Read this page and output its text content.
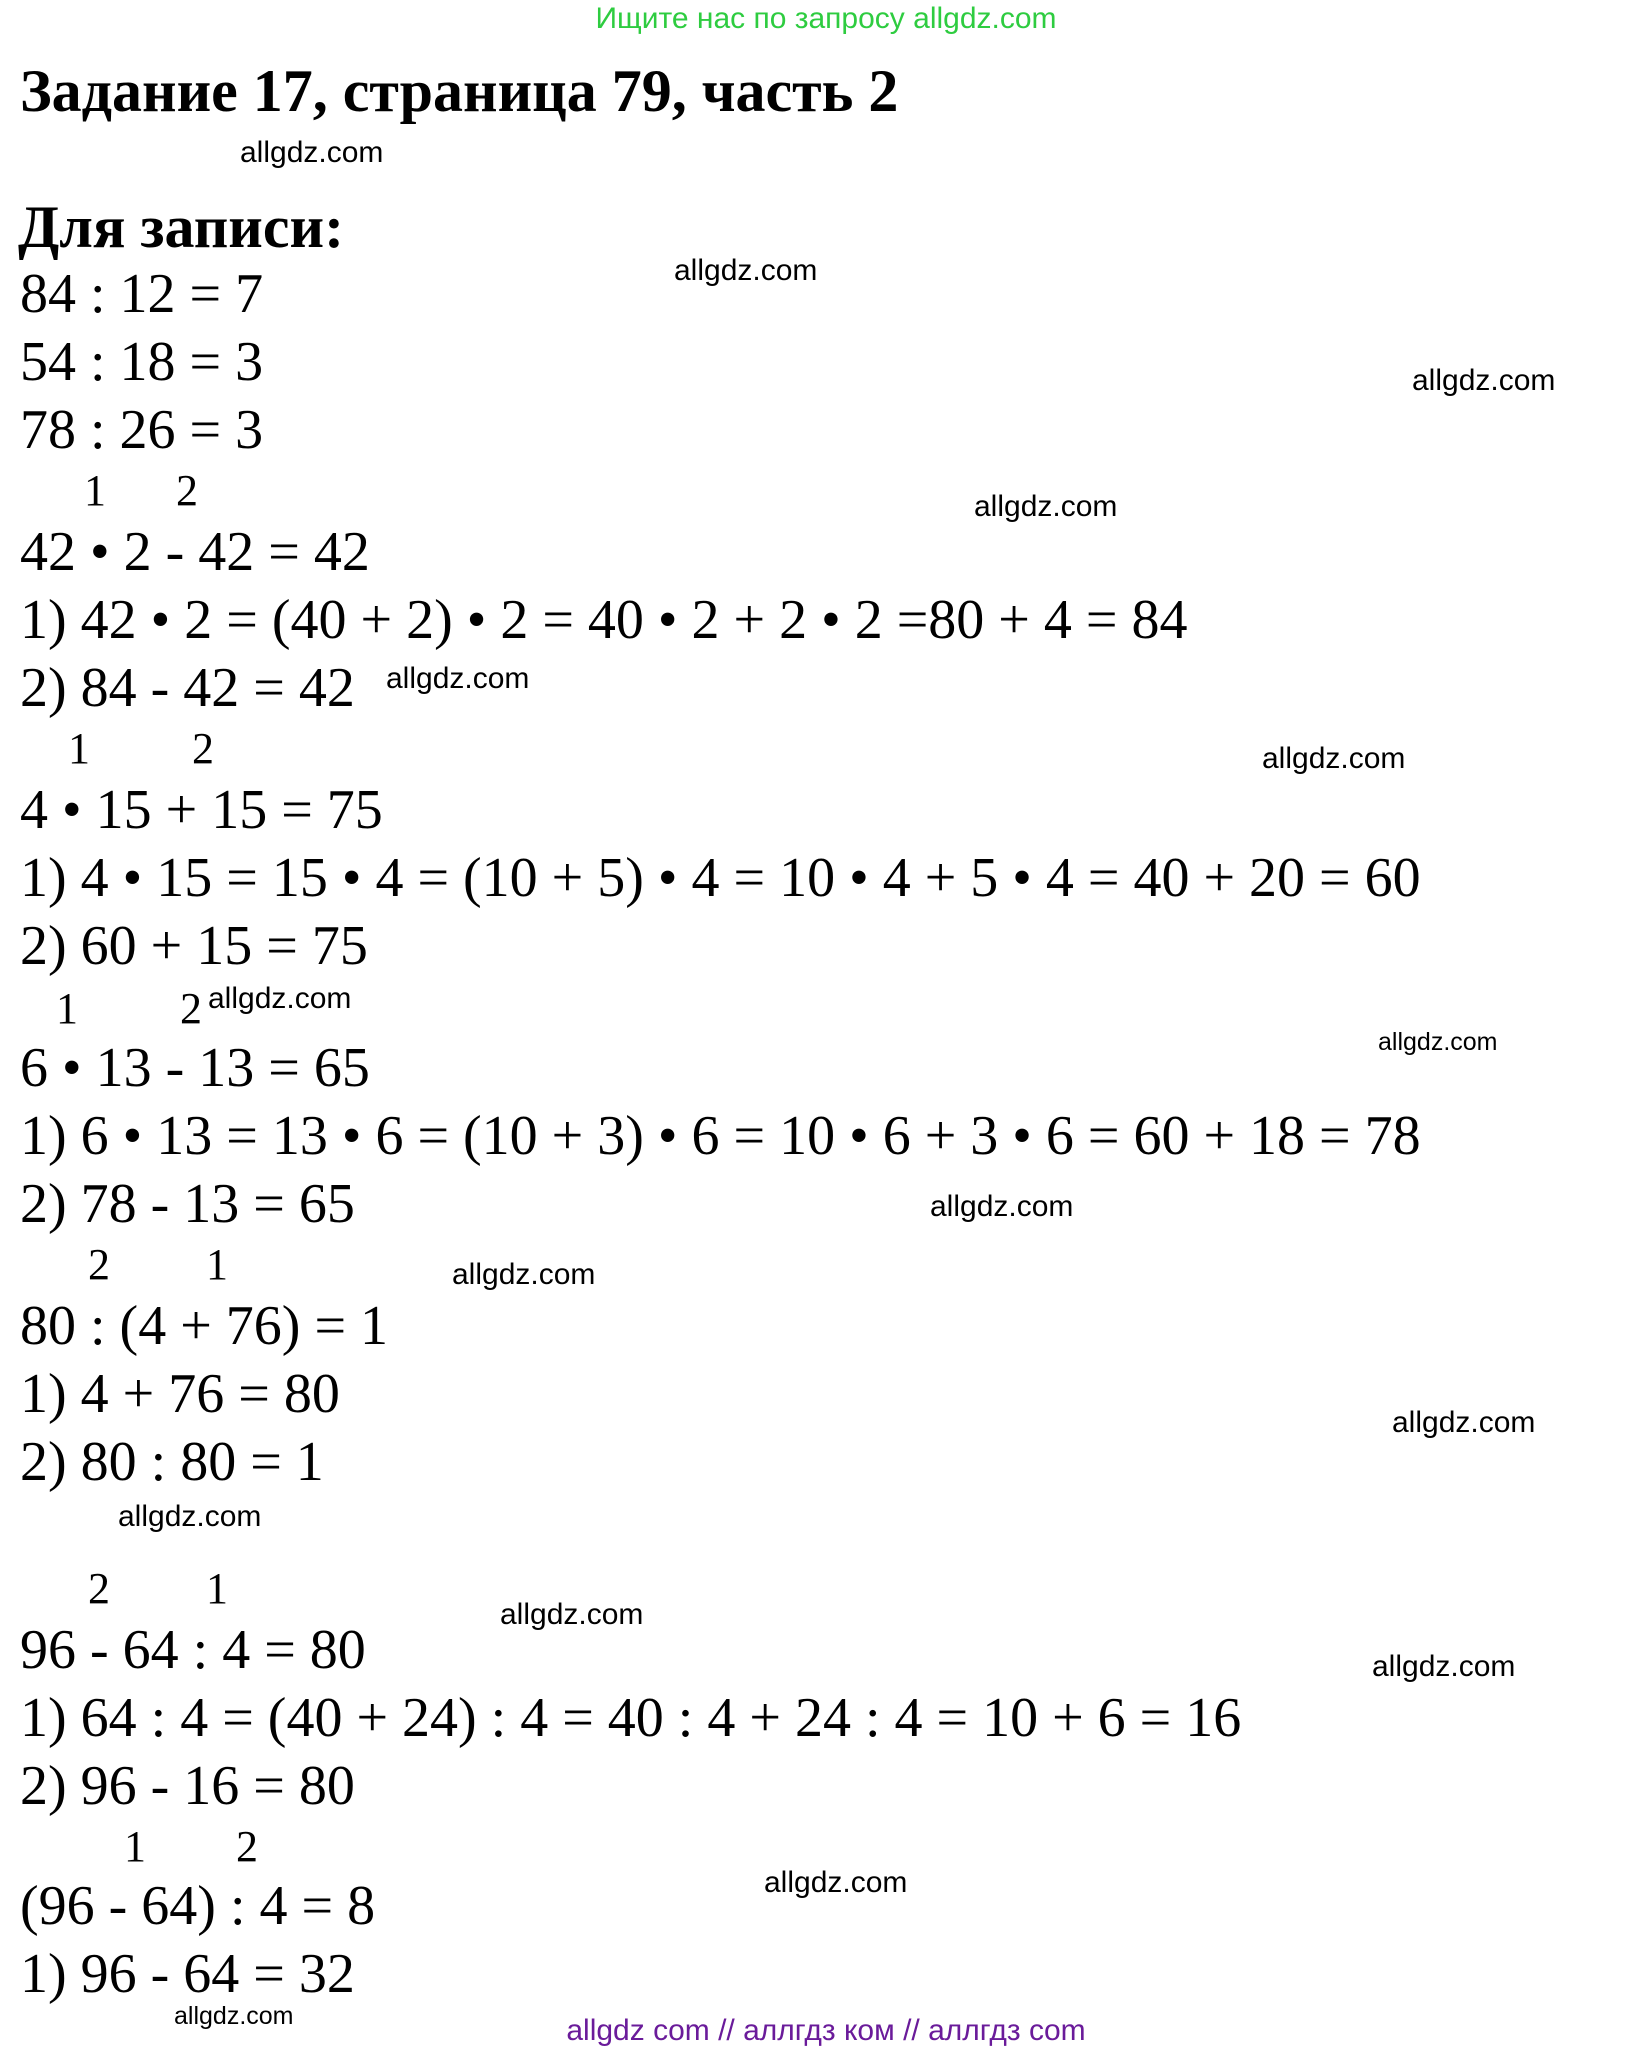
Ищите нас по запросу allgdz.com
Задание 17, страница 79, часть 2
allgdz.com
Для записи:
allgdz.com
allgdz.com
84 : 12 = 7
54 : 18 = 3
78 : 26 = 3
1 2	allgdz.com
42 • 2 - 42 = 42
1) 42 • 2 = (40 + 2) • 2 = 40 • 2 + 2 • 2 =80 + 4 = 84
2) 84 - 42 = 42 allgdz.com
1 2	allgdz.com
4 • 15 + 15 = 75
1) 4 • 15 = 15 • 4 = (10 + 5) • 4 = 10 • 4 + 5 • 4 = 40 + 20 = 60
2) 60 + 15 = 75
1 2 allgdz.com
allgdz.com
6 • 13 - 13 = 65
1) 6 • 13 = 13 • 6 = (10 + 3) • 6 = 10 • 6 + 3 • 6 = 60 + 18 = 78
2) 78 - 13 = 65	allgdz.com
2 1	allgdz.com
80 : (4 + 76) = 1
1) 4 + 76 = 80	allgdz.com
2) 80 : 80 = 1
allgdz.com
2 1
allgdz.com
96 - 64 : 4 = 80	allgdz.com
1) 64 : 4 = (40 + 24) : 4 = 40 : 4 + 24 : 4 = 10 + 6 = 16
2) 96 - 16 = 80
1 2
allgdz.com
(96 - 64) : 4 = 8
1) 96 - 64 = 32
allgdz.com	allgdz com // аллгдз ком // аллгдз com
